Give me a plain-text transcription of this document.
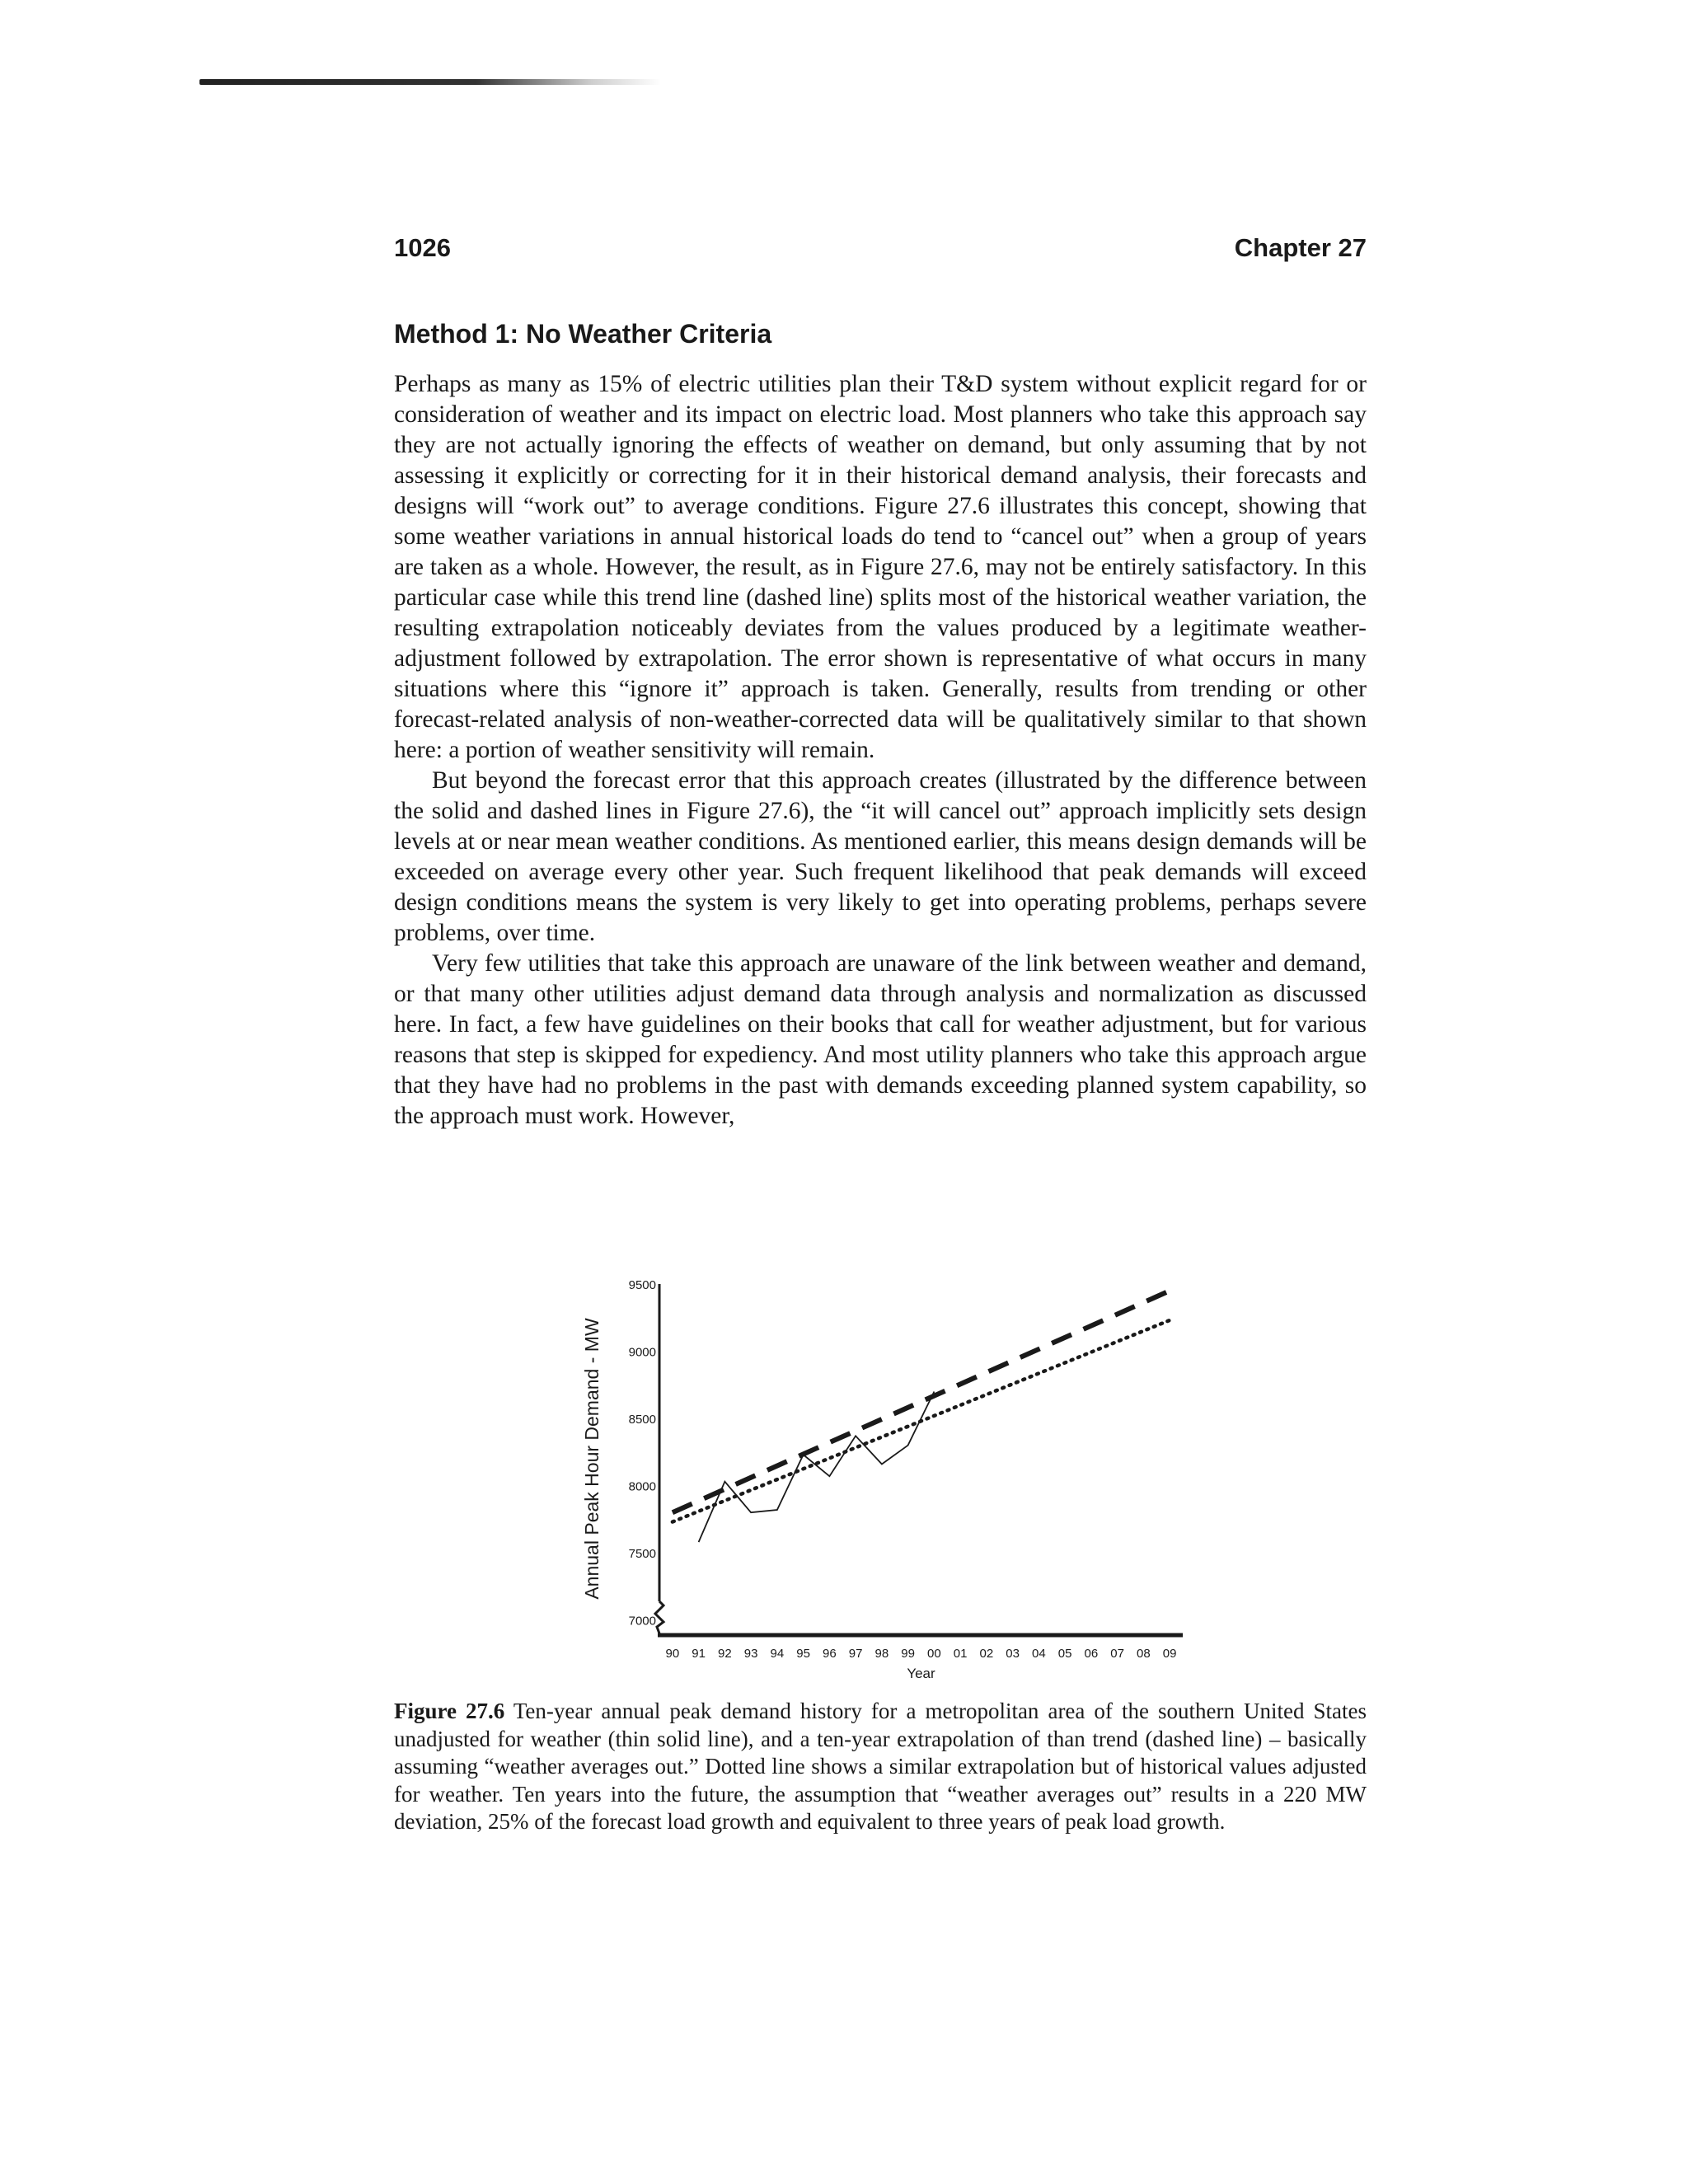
1026	Chapter 27
Method 1: No Weather Criteria

Perhaps as many as 15% of electric utilities plan their T&D system without explicit regard for or consideration of weather and its impact on electric load. Most planners who take this approach say they are not actually ignoring the effects of weather on demand, but only assuming that by not assessing it explicitly or correcting for it in their historical demand analysis, their forecasts and designs will “work out” to average conditions. Figure 27.6 illustrates this concept, showing that some weather variations in annual historical loads do tend to “cancel out” when a group of years are taken as a whole. However, the result, as in Figure 27.6, may not be entirely satisfactory. In this particular case while this trend line (dashed line) splits most of the historical weather variation, the resulting extrapolation noticeably deviates from the values produced by a legitimate weather-adjustment followed by extrapolation. The error shown is representative of what occurs in many situations where this “ignore it” approach is taken. Generally, results from trending or other forecast-related analysis of non-weather-corrected data will be qualitatively similar to that shown here: a portion of weather sensitivity will remain.

But beyond the forecast error that this approach creates (illustrated by the difference between the solid and dashed lines in Figure 27.6), the “it will cancel out” approach implicitly sets design levels at or near mean weather conditions. As mentioned earlier, this means design demands will be exceeded on average every other year. Such frequent likelihood that peak demands will exceed design conditions means the system is very likely to get into operating problems, perhaps severe problems, over time.

Very few utilities that take this approach are unaware of the link between weather and demand, or that many other utilities adjust demand data through analysis and normalization as discussed here. In fact, a few have guidelines on their books that call for weather adjustment, but for various reasons that step is skipped for expediency. And most utility planners who take this approach argue that they have had no problems in the past with demands exceeding planned system capability, so the approach must work. However,

9500
9000
8500
8000
7500
7000
90 91 92 93 94 95 96 97 98 99 00 01 02 03 04 05 06 07 08 09
Year
Annual Peak Hour Demand - MW
Figure 27.6 Ten-year annual peak demand history for a metropolitan area of the southern United States unadjusted for weather (thin solid line), and a ten-year extrapolation of than trend (dashed line) – basically assuming “weather averages out.” Dotted line shows a similar extrapolation but of historical values adjusted for weather. Ten years into the future, the assumption that “weather averages out” results in a 220 MW deviation, 25% of the forecast load growth and equivalent to three years of peak load growth.
